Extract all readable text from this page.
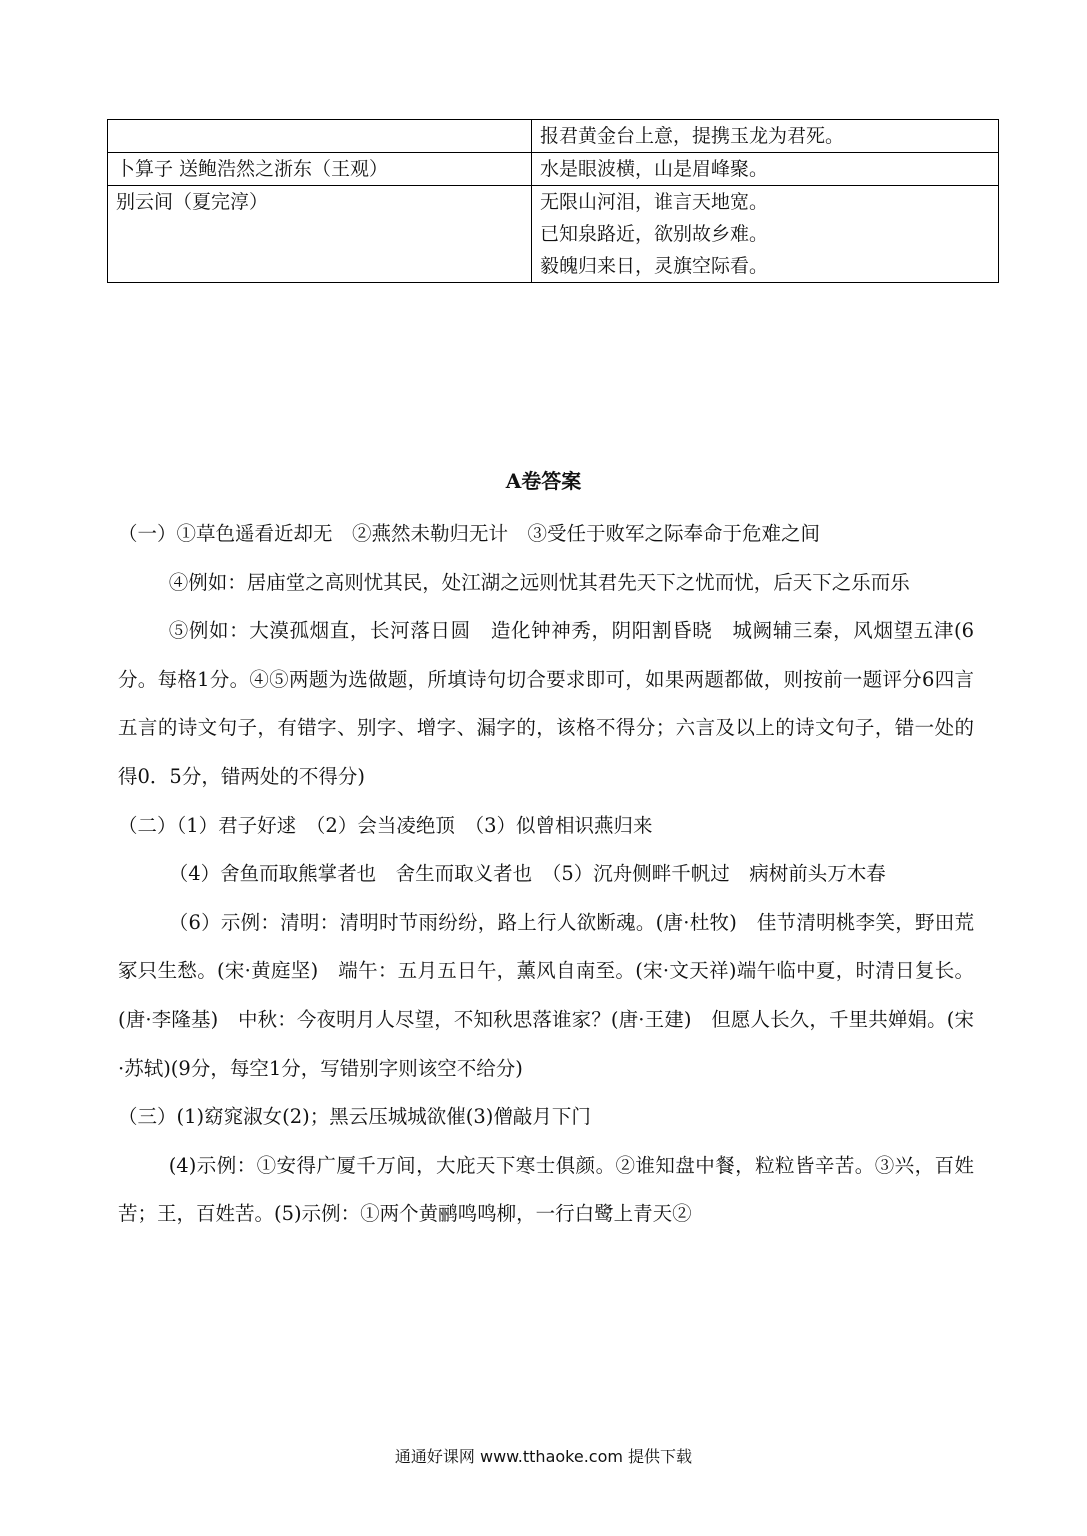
	报君黄金台上意，提携玉龙为君死。

卜算子 送鲍浩然之浙东（王观）	水是眼波横，山是眉峰聚。

别云间（夏完淳）	无限山河泪，谁言天地宽。
已知泉路近，欲别故乡难。
毅魄归来日，灵旗空际看。
A卷答案

（一）①草色遥看近却无　②燕然未勒归无计　③受任于败军之际奉命于危难之间

④例如：居庙堂之高则忧其民，处江湖之远则忧其君先天下之忧而忧，后天下之乐而乐

⑤例如：大漠孤烟直，长河落日圆　造化钟神秀，阴阳割昏晓　城阙辅三秦，风烟望五津(6分。每格1分。④⑤两题为选做题，所填诗句切合要求即可，如果两题都做，则按前一题评分6四言五言的诗文句子，有错字、别字、增字、漏字的，该格不得分；六言及以上的诗文句子，错一处的得0．5分，错两处的不得分)

（二）（1）君子好逑　（2）会当凌绝顶　（3）似曾相识燕归来

（4）舍鱼而取熊掌者也　舍生而取义者也　（5）沉舟侧畔千帆过　病树前头万木春

（6）示例：清明：清明时节雨纷纷，路上行人欲断魂。(唐·杜牧)　佳节清明桃李笑，野田荒冢只生愁。(宋·黄庭坚)　端午：五月五日午，薰风自南至。(宋·文天祥)端午临中夏，时清日复长。(唐·李隆基)　中秋：今夜明月人尽望，不知秋思落谁家？(唐·王建)　但愿人长久，千里共婵娟。(宋·苏轼)(9分，每空1分，写错别字则该空不给分)

（三）(1)窈窕淑女(2)；黑云压城城欲催(3)僧敲月下门

(4)示例：①安得广厦千万间，大庇天下寒士俱颜。②谁知盘中餐，粒粒皆辛苦。③兴，百姓苦；王，百姓苦。(5)示例：①两个黄鹂鸣鸣柳，一行白鹭上青天②

通通好课网 www.tthaoke.com 提供下载
